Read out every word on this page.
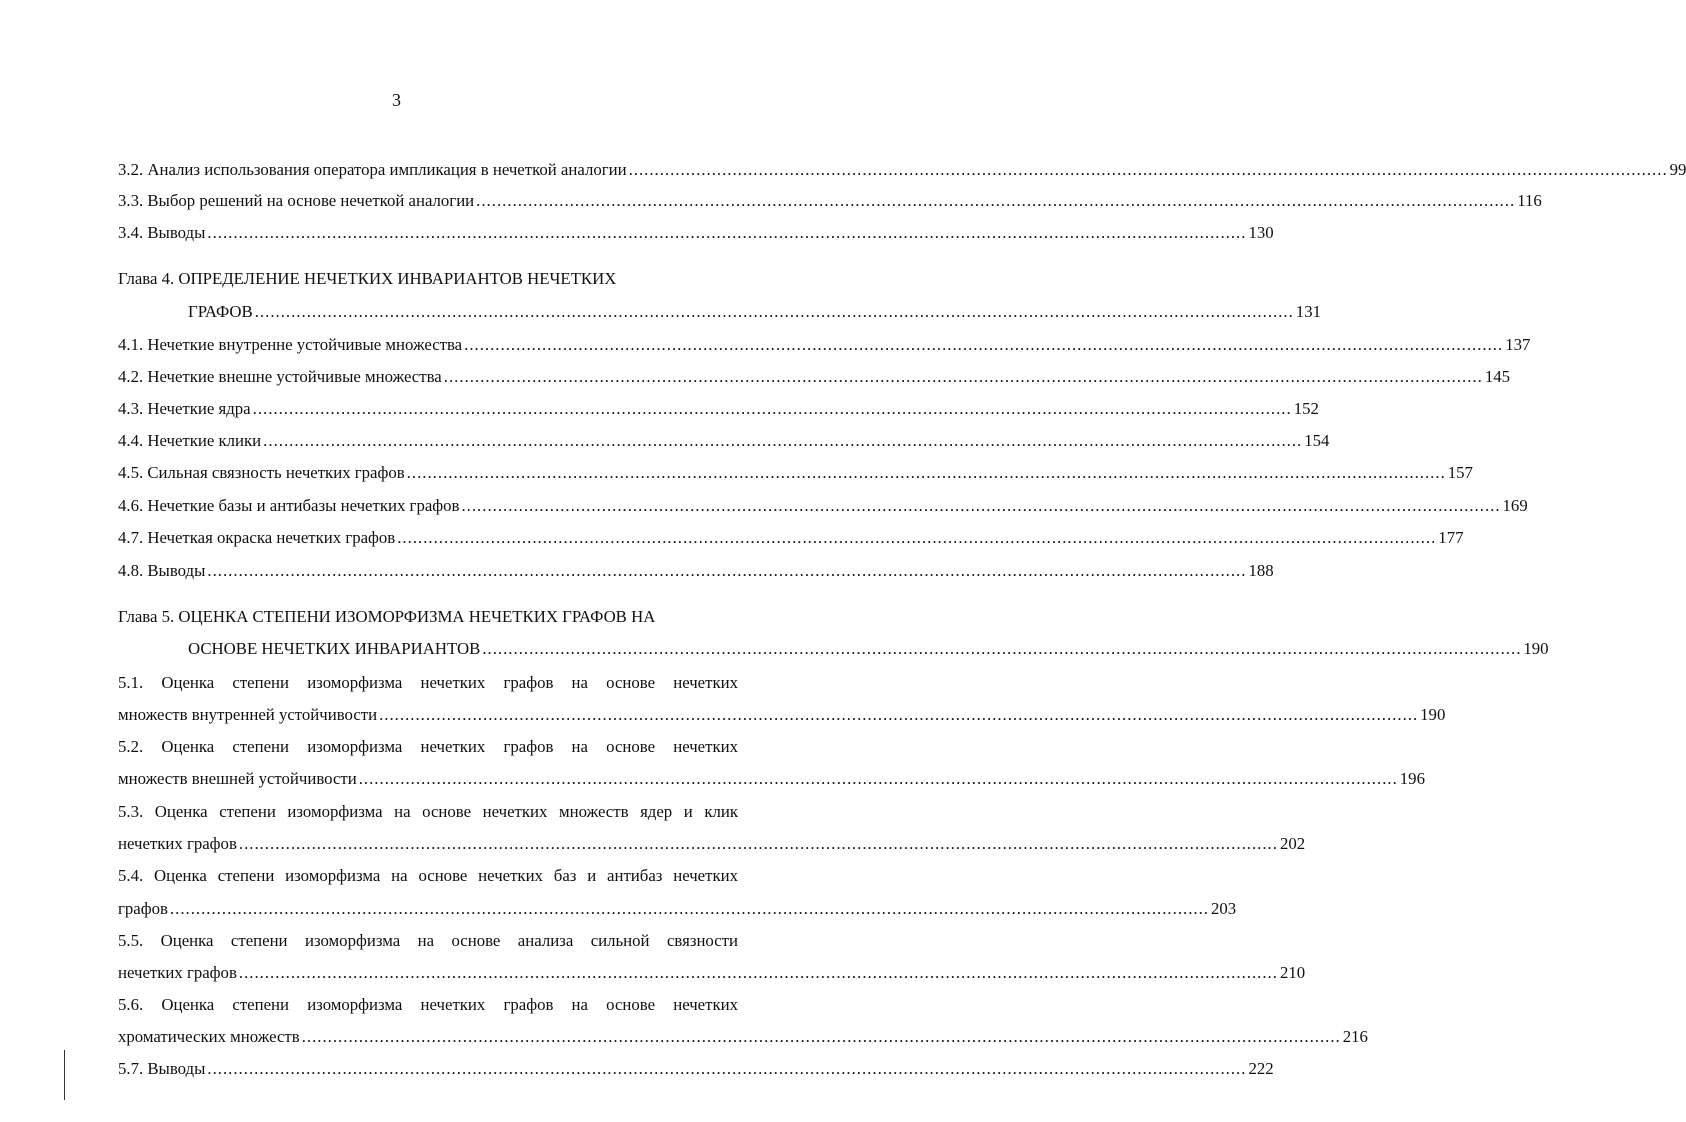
3
3.2. Анализ использования оператора импликация в нечеткой аналогии ........................................................................................................................................................................................................ 99
3.3. Выбор решений на основе нечеткой аналогии ........................................................................................................................................................................................................ 116
3.4. Выводы ........................................................................................................................................................................................................ 130
Глава 4. ОПРЕДЕЛЕНИЕ НЕЧЕТКИХ ИНВАРИАНТОВ НЕЧЕТКИХ
ГРАФОВ ........................................................................................................................................................................................................ 131
4.1. Нечеткие внутренне устойчивые множества ........................................................................................................................................................................................................ 137
4.2. Нечеткие внешне устойчивые множества ........................................................................................................................................................................................................ 145
4.3. Нечеткие ядра ........................................................................................................................................................................................................ 152
4.4. Нечеткие клики ........................................................................................................................................................................................................ 154
4.5. Сильная связность нечетких графов ........................................................................................................................................................................................................ 157
4.6. Нечеткие базы и антибазы нечетких графов ........................................................................................................................................................................................................ 169
4.7. Нечеткая окраска нечетких графов ........................................................................................................................................................................................................ 177
4.8. Выводы ........................................................................................................................................................................................................ 188
Глава 5. ОЦЕНКА СТЕПЕНИ ИЗОМОРФИЗМА НЕЧЕТКИХ ГРАФОВ НА
ОСНОВЕ НЕЧЕТКИХ ИНВАРИАНТОВ ........................................................................................................................................................................................................ 190
5.1. Оценка степени изоморфизма нечетких графов на основе нечетких
множеств внутренней устойчивости ........................................................................................................................................................................................................ 190
5.2. Оценка степени изоморфизма нечетких графов на основе нечетких
множеств внешней устойчивости ........................................................................................................................................................................................................ 196
5.3. Оценка степени изоморфизма на основе нечетких множеств ядер и клик
нечетких графов ........................................................................................................................................................................................................ 202
5.4. Оценка степени изоморфизма на основе нечетких баз и антибаз нечетких
графов ........................................................................................................................................................................................................ 203
5.5. Оценка степени изоморфизма на основе анализа сильной связности
нечетких графов ........................................................................................................................................................................................................ 210
5.6. Оценка степени изоморфизма нечетких графов на основе нечетких
хроматических множеств ........................................................................................................................................................................................................ 216
5.7. Выводы ........................................................................................................................................................................................................ 222
